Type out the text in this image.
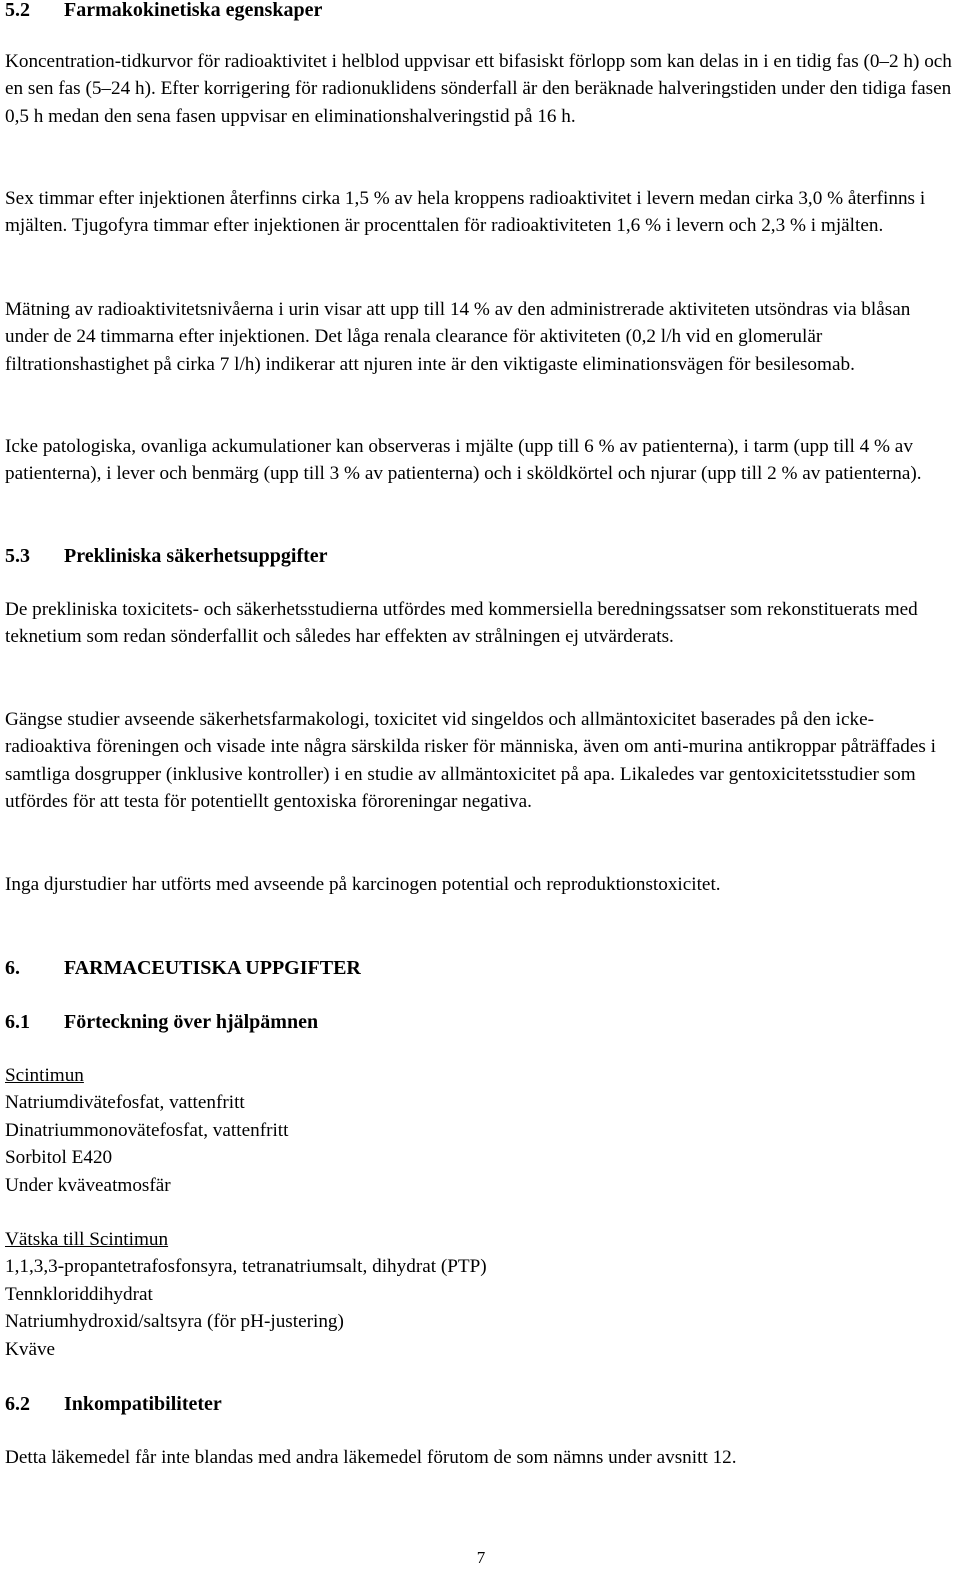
5.2 Farmakokinetiska egenskaper

Koncentration-tidkurvor för radioaktivitet i helblod uppvisar ett bifasiskt förlopp som kan delas in i en tidig fas (0–2 h) och en sen fas (5–24 h). Efter korrigering för radionuklidens sönderfall är den beräknade halveringstiden under den tidiga fasen 0,5 h medan den sena fasen uppvisar en eliminationshalveringstid på 16 h.

Sex timmar efter injektionen återfinns cirka 1,5 % av hela kroppens radioaktivitet i levern medan cirka 3,0 % återfinns i mjälten. Tjugofyra timmar efter injektionen är procenttalen för radioaktiviteten 1,6 % i levern och 2,3 % i mjälten.

Mätning av radioaktivitetsnivåerna i urin visar att upp till 14 % av den administrerade aktiviteten utsöndras via blåsan under de 24 timmarna efter injektionen. Det låga renala clearance för aktiviteten (0,2 l/h vid en glomerulär filtrationshastighet på cirka 7 l/h) indikerar att njuren inte är den viktigaste eliminationsvägen för besilesomab.

Icke patologiska, ovanliga ackumulationer kan observeras i mjälte (upp till 6 % av patienterna), i tarm (upp till 4 % av patienterna), i lever och benmärg (upp till 3 % av patienterna) och i sköldkörtel och njurar (upp till 2 % av patienterna).

5.3 Prekliniska säkerhetsuppgifter

De prekliniska toxicitets- och säkerhetsstudierna utfördes med kommersiella beredningssatser som rekonstituerats med teknetium som redan sönderfallit och således har effekten av strålningen ej utvärderats.

Gängse studier avseende säkerhetsfarmakologi, toxicitet vid singeldos och allmäntoxicitet baserades på den icke-radioaktiva föreningen och visade inte några särskilda risker för människa, även om anti-murina antikroppar påträffades i samtliga dosgrupper (inklusive kontroller) i en studie av allmäntoxicitet på apa. Likaledes var gentoxicitetsstudier som utfördes för att testa för potentiellt gentoxiska föroreningar negativa.

Inga djurstudier har utförts med avseende på karcinogen potential och reproduktionstoxicitet.

6. FARMACEUTISKA UPPGIFTER
6.1 Förteckning över hjälpämnen
Scintimun
Natriumdivätefosfat, vattenfritt
Dinatriummonovätefosfat, vattenfritt
Sorbitol E420
Under kväveatmosfär
Vätska till Scintimun
1,1,3,3-propantetrafosfonsyra, tetranatriumsalt, dihydrat (PTP)
Tennkloriddihydrat
Natriumhydroxid/saltsyra (för pH-justering)
Kväve
6.2 Inkompatibiliteter

Detta läkemedel får inte blandas med andra läkemedel förutom de som nämns under avsnitt 12.

7
